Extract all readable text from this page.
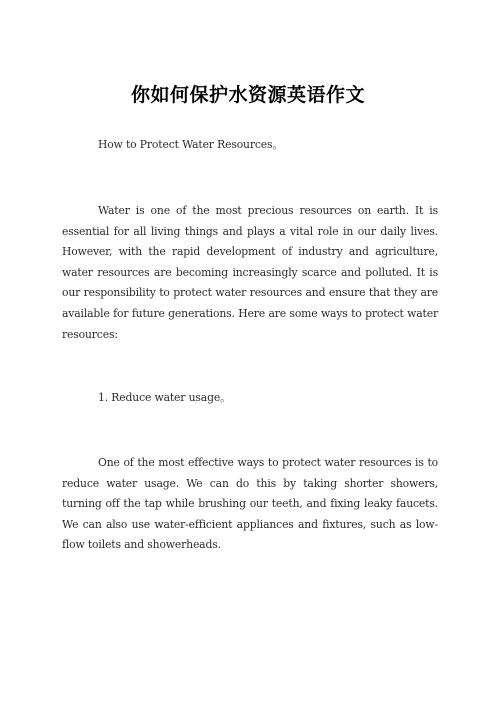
你如何保护水资源英语作文

How to Protect Water Resources。

Water is one of the most precious resources on earth. It is essential for all living things and plays a vital role in our daily lives. However, with the rapid development of industry and agriculture, water resources are becoming increasingly scarce and polluted. It is our responsibility to protect water resources and ensure that they are available for future generations. Here are some ways to protect water resources:

1. Reduce water usage。

One of the most effective ways to protect water resources is to reduce water usage. We can do this by taking shorter showers, turning off the tap while brushing our teeth, and fixing leaky faucets. We can also use water-efficient appliances and fixtures, such as low-flow toilets and showerheads.
